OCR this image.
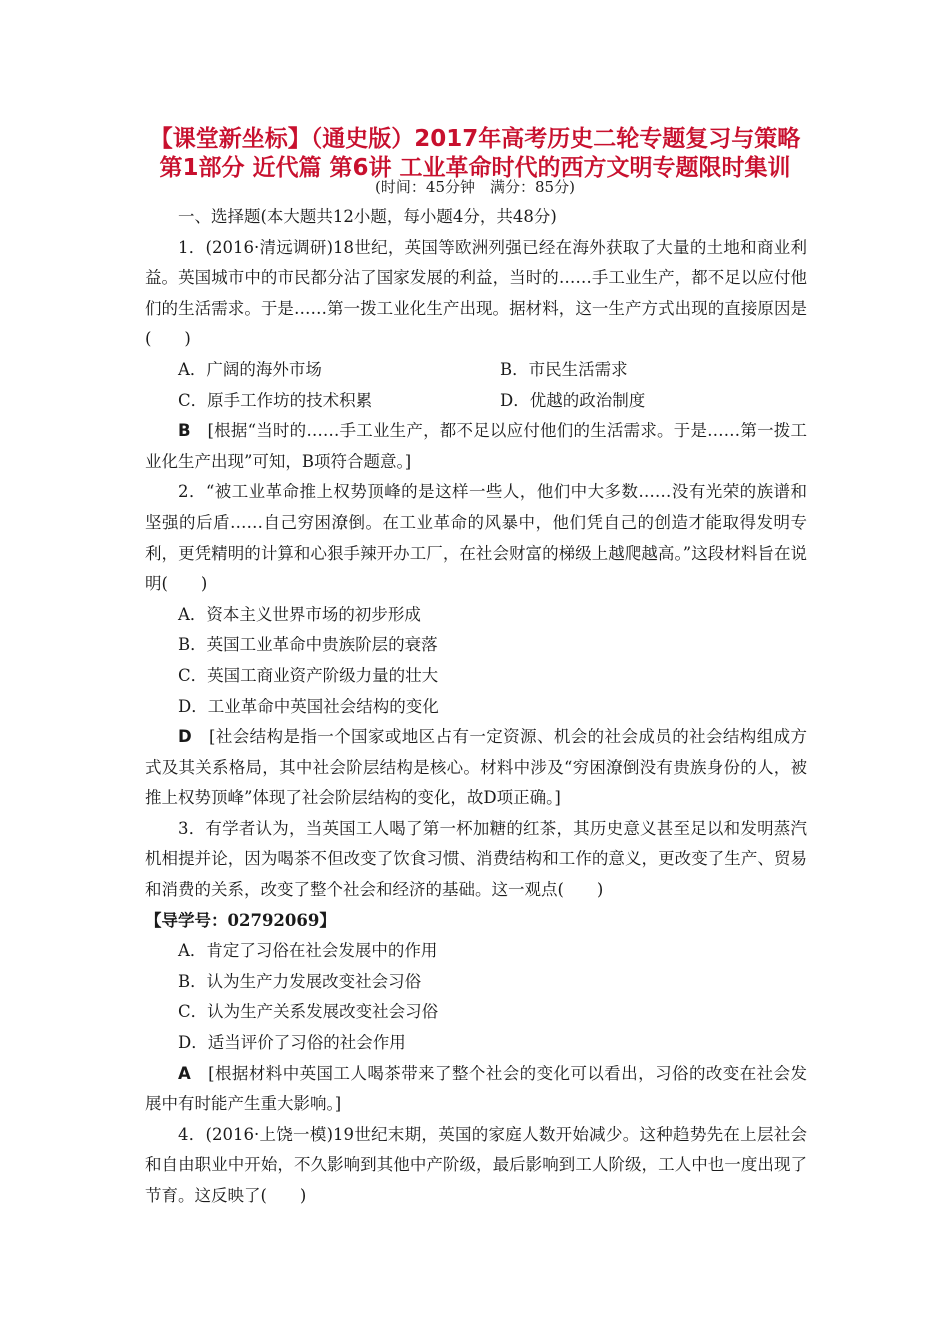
【课堂新坐标】（通史版）2017年高考历史二轮专题复习与策略
第1部分 近代篇 第6讲 工业革命时代的西方文明专题限时集训
(时间：45分钟　满分：85分)

一、选择题(本大题共12小题，每小题4分，共48分)

1．(2016·清远调研)18世纪，英国等欧洲列强已经在海外获取了大量的土地和商业利益。英国城市中的市民都分沾了国家发展的利益，当时的……手工业生产，都不足以应付他们的生活需求。于是……第一拨工业化生产出现。据材料，这一生产方式出现的直接原因是(　　)

A．广阔的海外市场	B．市民生活需求
C．原手工作坊的技术积累	D．优越的政治制度

B　[根据“当时的……手工业生产，都不足以应付他们的生活需求。于是……第一拨工业化生产出现”可知，B项符合题意。]

2．“被工业革命推上权势顶峰的是这样一些人，他们中大多数……没有光荣的族谱和坚强的后盾……自己穷困潦倒。在工业革命的风暴中，他们凭自己的创造才能取得发明专利，更凭精明的计算和心狠手辣开办工厂，在社会财富的梯级上越爬越高。”这段材料旨在说明(　　)

A．资本主义世界市场的初步形成

B．英国工业革命中贵族阶层的衰落

C．英国工商业资产阶级力量的壮大

D．工业革命中英国社会结构的变化

D　[社会结构是指一个国家或地区占有一定资源、机会的社会成员的社会结构组成方式及其关系格局，其中社会阶层结构是核心。材料中涉及“穷困潦倒没有贵族身份的人，被推上权势顶峰”体现了社会阶层结构的变化，故D项正确。]

3．有学者认为，当英国工人喝了第一杯加糖的红茶，其历史意义甚至足以和发明蒸汽机相提并论，因为喝茶不但改变了饮食习惯、消费结构和工作的意义，更改变了生产、贸易和消费的关系，改变了整个社会和经济的基础。这一观点(　　)

【导学号：02792069】

A．肯定了习俗在社会发展中的作用

B．认为生产力发展改变社会习俗

C．认为生产关系发展改变社会习俗

D．适当评价了习俗的社会作用

A　[根据材料中英国工人喝茶带来了整个社会的变化可以看出，习俗的改变在社会发展中有时能产生重大影响。]

4．(2016·上饶一模)19世纪末期，英国的家庭人数开始减少。这种趋势先在上层社会和自由职业中开始，不久影响到其他中产阶级，最后影响到工人阶级，工人中也一度出现了节育。这反映了(　　)
